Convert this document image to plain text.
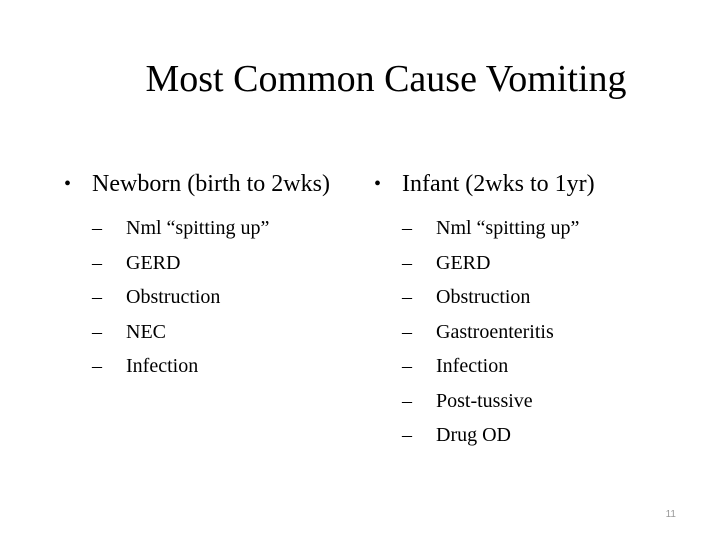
Most Common Cause Vomiting
• Newborn (birth to 2wks)
– Nml “spitting up”
– GERD
– Obstruction
– NEC
– Infection
• Infant (2wks to 1yr)
– Nml “spitting up”
– GERD
– Obstruction
– Gastroenteritis
– Infection
– Post-tussive
– Drug OD
11
